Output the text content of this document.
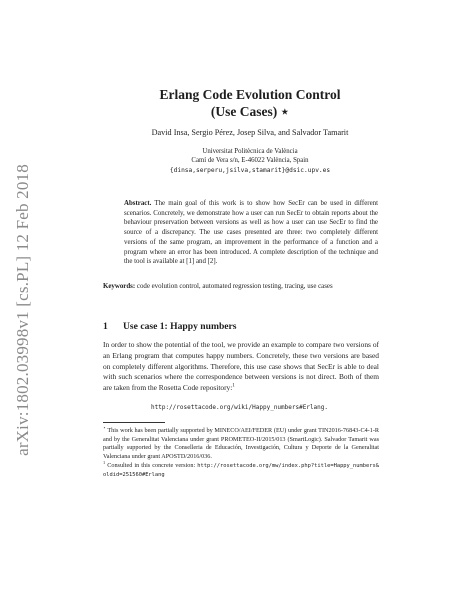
arXiv:1802.03998v1 [cs.PL] 12 Feb 2018
Erlang Code Evolution Control
(Use Cases) ⋆
David Insa, Sergio Pérez, Josep Silva, and Salvador Tamarit
Universitat Politècnica de València
Camí de Vera s/n, E-46022 València, Spain
{dinsa,serperu,jsilva,stamarit}@dsic.upv.es
Abstract. The main goal of this work is to show how SecEr can be used in different scenarios. Concretely, we demonstrate how a user can run SecEr to obtain reports about the behaviour preservation between versions as well as how a user can use SecEr to find the source of a discrepancy. The use cases presented are three: two completely different versions of the same program, an improvement in the performance of a function and a program where an error has been introduced. A complete description of the technique and the tool is available at [1] and [2].
Keywords: code evolution control, automated regression testing, tracing, use cases
1 Use case 1: Happy numbers
In order to show the potential of the tool, we provide an example to compare two versions of an Erlang program that computes happy numbers. Concretely, these two versions are based on completely different algorithms. Therefore, this use case shows that SecEr is able to deal with such scenarios where the correspondence between versions is not direct. Both of them are taken from the Rosetta Code repository:$^1$
http://rosettacode.org/wiki/Happy_numbers#Erlang.

⋆ This work has been partially supported by MINECO/AEI/FEDER (EU) under grant TIN2016-76843-C4-1-R and by the Generalitat Valenciana under grant PROMETEO-II/2015/013 (SmartLogic). Salvador Tamarit was partially supported by the Conselleria de Educación, Investigación, Cultura y Deporte de la Generalitat Valenciana under grant APOSTD/2016/036.

$^1$ Consulted in this concrete version: http://rosettacode.org/mw/index.php?title=Happy_numbers&oldid=251560#Erlang
